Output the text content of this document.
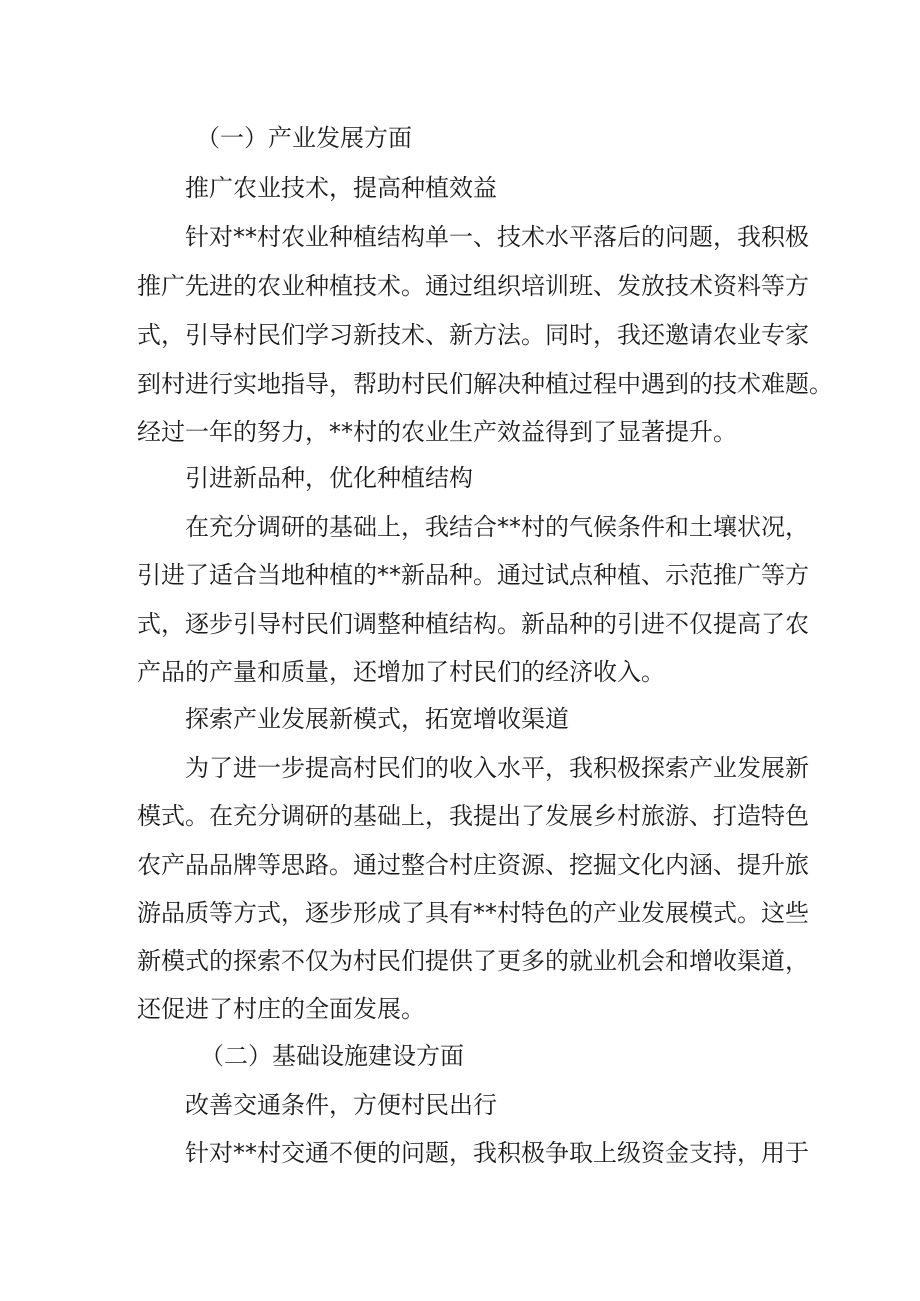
（一）产业发展方面
推广农业技术，提高种植效益
针对**村农业种植结构单一、技术水平落后的问题，我积极
推广先进的农业种植技术。通过组织培训班、发放技术资料等方
式，引导村民们学习新技术、新方法。同时，我还邀请农业专家
到村进行实地指导，帮助村民们解决种植过程中遇到的技术难题。
经过一年的努力，**村的农业生产效益得到了显著提升。
引进新品种，优化种植结构
在充分调研的基础上，我结合**村的气候条件和土壤状况，
引进了适合当地种植的**新品种。通过试点种植、示范推广等方
式，逐步引导村民们调整种植结构。新品种的引进不仅提高了农
产品的产量和质量，还增加了村民们的经济收入。
探索产业发展新模式，拓宽增收渠道
为了进一步提高村民们的收入水平，我积极探索产业发展新
模式。在充分调研的基础上，我提出了发展乡村旅游、打造特色
农产品品牌等思路。通过整合村庄资源、挖掘文化内涵、提升旅
游品质等方式，逐步形成了具有**村特色的产业发展模式。这些
新模式的探索不仅为村民们提供了更多的就业机会和增收渠道，
还促进了村庄的全面发展。
（二）基础设施建设方面
改善交通条件，方便村民出行
针对**村交通不便的问题，我积极争取上级资金支持，用于
